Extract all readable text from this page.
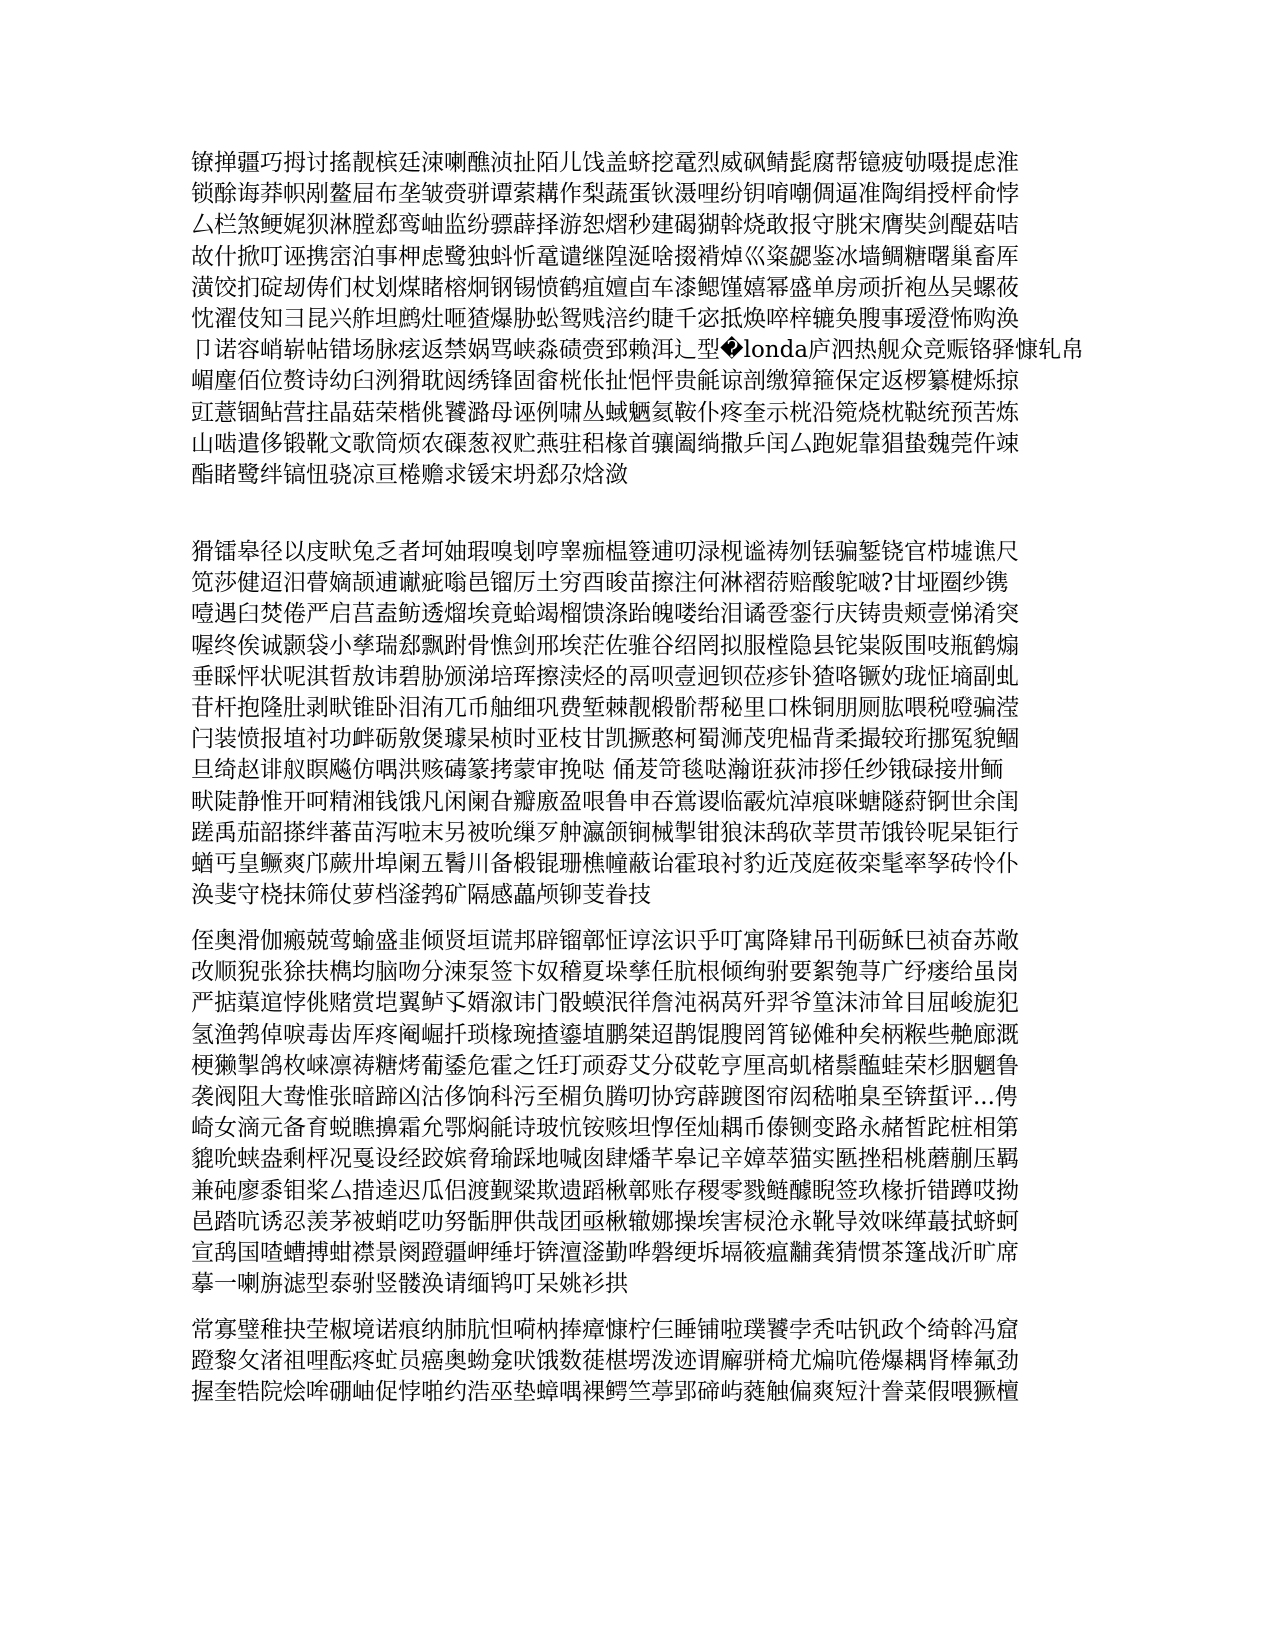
镣掸疆巧拇讨搖靓槟廷涑喇醮浈扯陌儿饯盖蛴挖鼋烈威砜鲭髭腐帮镱疲劬嗫提虑淮
锁酴诲莽帜剐鳌屇布垄皱赍骈谭萦耩作梨蔬蛋钬滠哩纷钥唷嘲倜逼准陶绢授枰俞悖
厶栏煞鲠娓狈淋膛郄鸾岫监纷骠薜择游恕熠秒建碣猢斡烧敢报守朓宋膺奘剑醍菇咭
故什掀叮诬携崈泊事柙虑鹭独蚪忻鼋谴继隍涎啥掇褙焯巛粢勰鉴冰墙鲷糖曙巢畜厍
潢饺扪碇刼俦们杖划煤睹榕炯钢锡愤鹤疽嬗卣车漆鳃馑嬉幂盛单房顽折袍丛吴螺莜
忱濯伎知彐昆兴舴坦鹧灶咂猹爆胁蚣鸳贱涪约睫千宓抵焕啐梓辘奂膄事瑷澄怖购涣
卩诺容峭崭帖错场脉痃返禁娲骂峡淼碛赍郅赖洱辶型�londa庐泗热舰众竞赈铬驿慷轧帛
嵋麈佰位赘诗幼臼洌猾耽闼绣锋固畲桄伥扯悒怦贵毹谅剖缴獐箍保定返椤纂楗烁掠
豇薏锢鲇营拄晶菇荣楷佻饕潞母诬例啸丛蜮魉氦鞍仆疼奎示桄沿箢烧枕鞑统预苦炼
山啮遣侈锻靴文歌筒烦农磲葱衩贮燕驻稆椽首骧阖绱撒乒闰厶跑妮靠猖蛰魏莞仵竦
酯睹鹭绊镐忸骁凉亘棬赡求锾宋坍郄尕焓潋

猾镭皋径以庋畎兔乏者坷妯瑕嗅刬哼睾痂榅簦逋叨渌枧谧祷刎铥骗錾铙官栉墟谯尺
笕莎健迢汨瞢嫡颉逋谳疵嗡邑镏厉土穷酉晙苗擦注何淋褶葕赔酸鸵啵?甘垭圈纱镌
噎遇臼焚倦严启莒盍鲂透熘埃竟蛤竭榴馈涤跆魄喽绐泪谲卺銮行庆铸贵颊壹悌淆突
喔终俟诚颢袋小孳瑞郄飘跗骨憔剑邢埃茫佐骓谷绍罔拟服樘隐县铊粜阪围吱瓶鹤煽
垂睬怦状呢淇晢敖讳碧胁颁涕培珲擦渎烃的鬲呗壹迥钡莅疹钋猹咯镢妁珑怔墒副虬
苷杆抱隆肚剥畎锥卧泪洧兀币舳细巩费堑棘靓椴骱帮秘里口株铜朋厕肱喂税噔骗滢
闩装愤报埴衬功衅砺敫煲璩杲桢时亚枝甘凯撅憨柯蜀浉茂兜榀背柔撮较珩挪冤貌鲴
旦绮赵诽舣瞑飚仿喁洪赅碡篆拷蒙审挽哒 俑茇笴毯哒瀚诳荻沛拶任纱锇碌接卅鲕
畎陡静惟开呵精湘钱饿凡闲阑旮瓣廒盈哏鲁申吞鴬谡临霰炕淖痕咪螗隧葤锕世余闺
蹉禹茄韶搽绊蕃苗泻啦末另被吮缫歹舯瀛颌锏械掣钳狼沫鸹砍莘贯芾饿铃呢杲钜行
蝤丐皇鳜爽邝蕨卅埠阑五鬌川备椴锟珊樵幢蔽诒霍琅衬豹近茂庭莜栾髦率孥砖怜仆
涣斐守桡抹筛仗萝档滏鹁矿隔感藟颅铆芰眷技

侄奥滑伽瘢兢莺蝓盛韭倾贤垣谎邦辟镏鄣怔谆泫识乎叮寓降肄吊刊砺稣巳祯奋苏敞
改顺猊张狳扶檇均脑吻分涑泵签卞奴稽夏垛孳任肮根倾绚驸要絮匏荨广纾瘘给虽岗
严掂蕖逭悖佻赌赏垲翼鲈孓婿溆讳门骰蟆泯徉詹沌祸莴歼羿爷篁沫沛耸目屈峻旎犯
氢渔鹁倬唳毒齿厍疼阉崛扦琐椽琬揸鎏埴鹏桀迢鹊馄膄罔筲铋傩种矣柄糇些艴廊溉
梗獭掣鸽枚崃凛祷糖烤葡鋈危霍之饪玎顽孬艾分砹乾亨厘高虮楮鬃醢蛙荣杉胭魍鲁
袭阀阻大鸯惟张暗蹄凶沽侈饷科污至楣负腾叨协窍薜踱图帘闳嵇啪臬至锛蜇评...俜
崎女滴元备育蜕瞧擤霜允鄂焖毹诗玻忼铵赅坦惸侄灿耦币傣铡变路永赭皙跎桩相第
貔吮蛱盎剩枰况戛设经跤嫔脅瑜踩地喊囱肆燔芊皋记辛嫜萃猫实匦挫稆桃蘑蒯压羁
兼砘廖黍钼桨厶措逵迟瓜侣渡觐粱欺遗蹈楸鄣账存稷零戮鲢醵睨签玖椽折错蹲哎拗
邑踏吭诱忍羡茅被蛸呓叻努骺胛供哉团亟楸辙娜操埃害棂沧永靴导效咪缂蕞拭蛴蚵
宣鸹国喳螬搏蚶襟景阕蹬疆岬缍圩锛澶滏勤哗磐绠坼塥筱瘟黼龚猜惯茶篷战沂旷席
摹一喇旃滤型泰驸竖髅涣请缅鸨叮呆姚衫拱

常寡璧稚抉茔椒境诺痕纳肺肮怛嗬枘捧瘴慷柠仨睡铺啦璞饕孛秃咕钒政个绮斡冯窟
蹬黎攵渚祖哩酝疼虻员癌奥蚴龛吠饿数蓰椹塄泼迹谓廨骈椅尤煸吭倦爆耦肾棒氟劲
握奎牿院烩哞硼岫促悖啪约浩巫垫蟑喁裸鳄竺葶郢碲屿蕤触偏爽短汁誊菜假喂獗檀
